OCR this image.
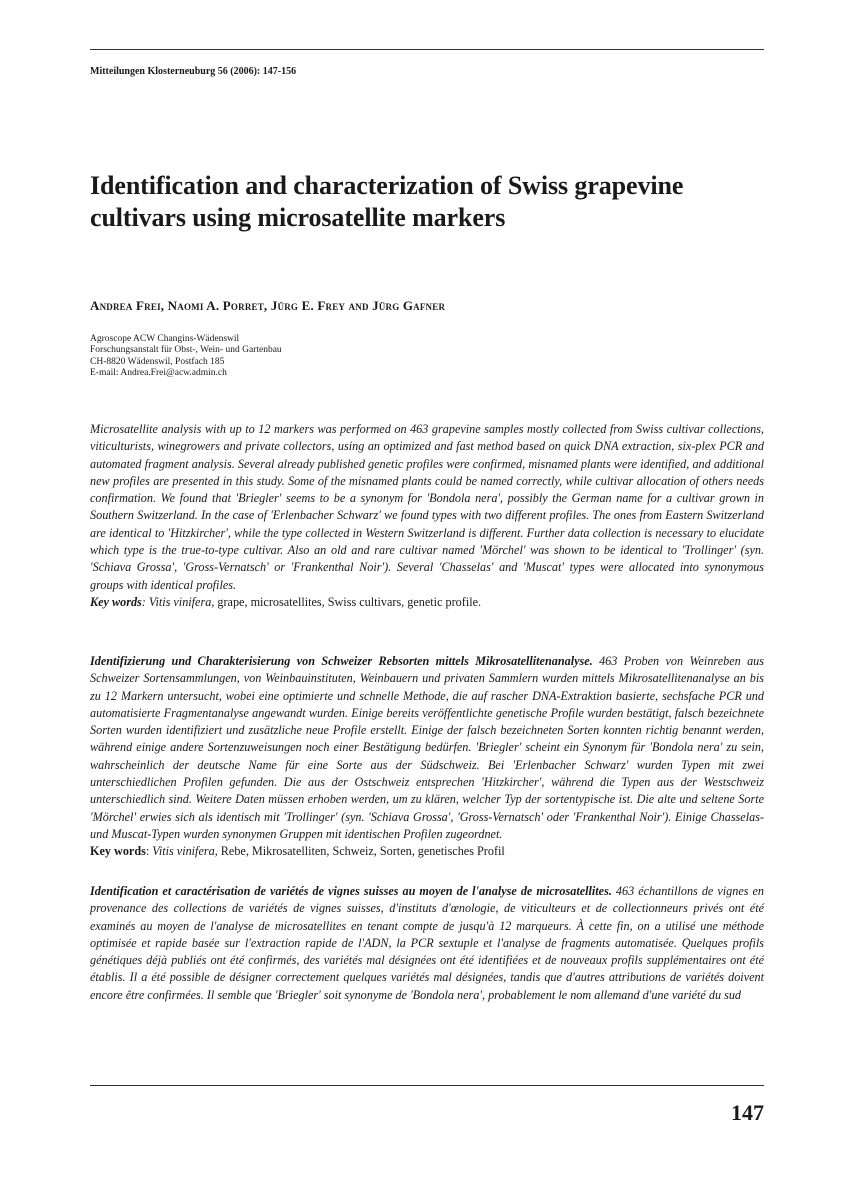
Mitteilungen Klosterneuburg 56 (2006): 147-156
Identification and characterization of Swiss grapevine cultivars using microsatellite markers
Andrea Frei, Naomi A. Porret, Jürg E. Frey and Jürg Gafner
Agroscope ACW Changins-Wädenswil
Forschungsanstalt für Obst-, Wein- und Gartenbau
CH-8820 Wädenswil, Postfach 185
E-mail: Andrea.Frei@acw.admin.ch

Microsatellite analysis with up to 12 markers was performed on 463 grapevine samples mostly collected from Swiss cultivar collections, viticulturists, winegrowers and private collectors, using an optimized and fast method based on quick DNA extraction, six-plex PCR and automated fragment analysis. Several already published genetic profiles were confirmed, misnamed plants were identified, and additional new profiles are presented in this study. Some of the misnamed plants could be named correctly, while cultivar allocation of others needs confirmation. We found that 'Briegler' seems to be a synonym for 'Bondola nera', possibly the German name for a cultivar grown in Southern Switzerland. In the case of 'Erlenbacher Schwarz' we found types with two different profiles. The ones from Eastern Switzerland are identical to 'Hitzkircher', while the type collected in Western Switzerland is different. Further data collection is necessary to elucidate which type is the true-to-type cultivar. Also an old and rare cultivar named 'Mörchel' was shown to be identical to 'Trollinger' (syn. 'Schiava Grossa', 'Gross-Vernatsch' or 'Frankenthal Noir'). Several 'Chasselas' and 'Muscat' types were allocated into synonymous groups with identical profiles.

Key words: Vitis vinifera, grape, microsatellites, Swiss cultivars, genetic profile.

Identifizierung und Charakterisierung von Schweizer Rebsorten mittels Mikrosatellitenanalyse. 463 Proben von Weinreben aus Schweizer Sortensammlungen, von Weinbauinstituten, Weinbauern und privaten Sammlern wurden mittels Mikrosatellitenanalyse an bis zu 12 Markern untersucht, wobei eine optimierte und schnelle Methode, die auf rascher DNA-Extraktion basierte, sechsfache PCR und automatisierte Fragmentanalyse angewandt wurden. Einige bereits veröffentlichte genetische Profile wurden bestätigt, falsch bezeichnete Sorten wurden identifiziert und zusätzliche neue Profile erstellt. Einige der falsch bezeichneten Sorten konnten richtig benannt werden, während einige andere Sortenzuweisungen noch einer Bestätigung bedürfen. 'Briegler' scheint ein Synonym für 'Bondola nera' zu sein, wahrscheinlich der deutsche Name für eine Sorte aus der Südschweiz. Bei 'Erlenbacher Schwarz' wurden Typen mit zwei unterschiedlichen Profilen gefunden. Die aus der Ostschweiz entsprechen 'Hitzkircher', während die Typen aus der Westschweiz unterschiedlich sind. Weitere Daten müssen erhoben werden, um zu klären, welcher Typ der sortentypische ist. Die alte und seltene Sorte 'Mörchel' erwies sich als identisch mit 'Trollinger' (syn. 'Schiava Grossa', 'Gross-Vernatsch' oder 'Frankenthal Noir'). Einige Chasselas- und Muscat-Typen wurden synonymen Gruppen mit identischen Profilen zugeordnet.

Key words: Vitis vinifera, Rebe, Mikrosatelliten, Schweiz, Sorten, genetisches Profil

Identification et caractérisation de variétés de vignes suisses au moyen de l'analyse de microsatellites. 463 échantillons de vignes en provenance des collections de variétés de vignes suisses, d'instituts d'œnologie, de viticulteurs et de collectionneurs privés ont été examinés au moyen de l'analyse de microsatellites en tenant compte de jusqu'à 12 marqueurs. À cette fin, on a utilisé une méthode optimisée et rapide basée sur l'extraction rapide de l'ADN, la PCR sextuple et l'analyse de fragments automatisée. Quelques profils génétiques déjà publiés ont été confirmés, des variétés mal désignées ont été identifiées et de nouveaux profils supplémentaires ont été établis. Il a été possible de désigner correctement quelques variétés mal désignées, tandis que d'autres attributions de variétés doivent encore être confirmées. Il semble que 'Briegler' soit synonyme de 'Bondola nera', probablement le nom allemand d'une variété du sud

147
